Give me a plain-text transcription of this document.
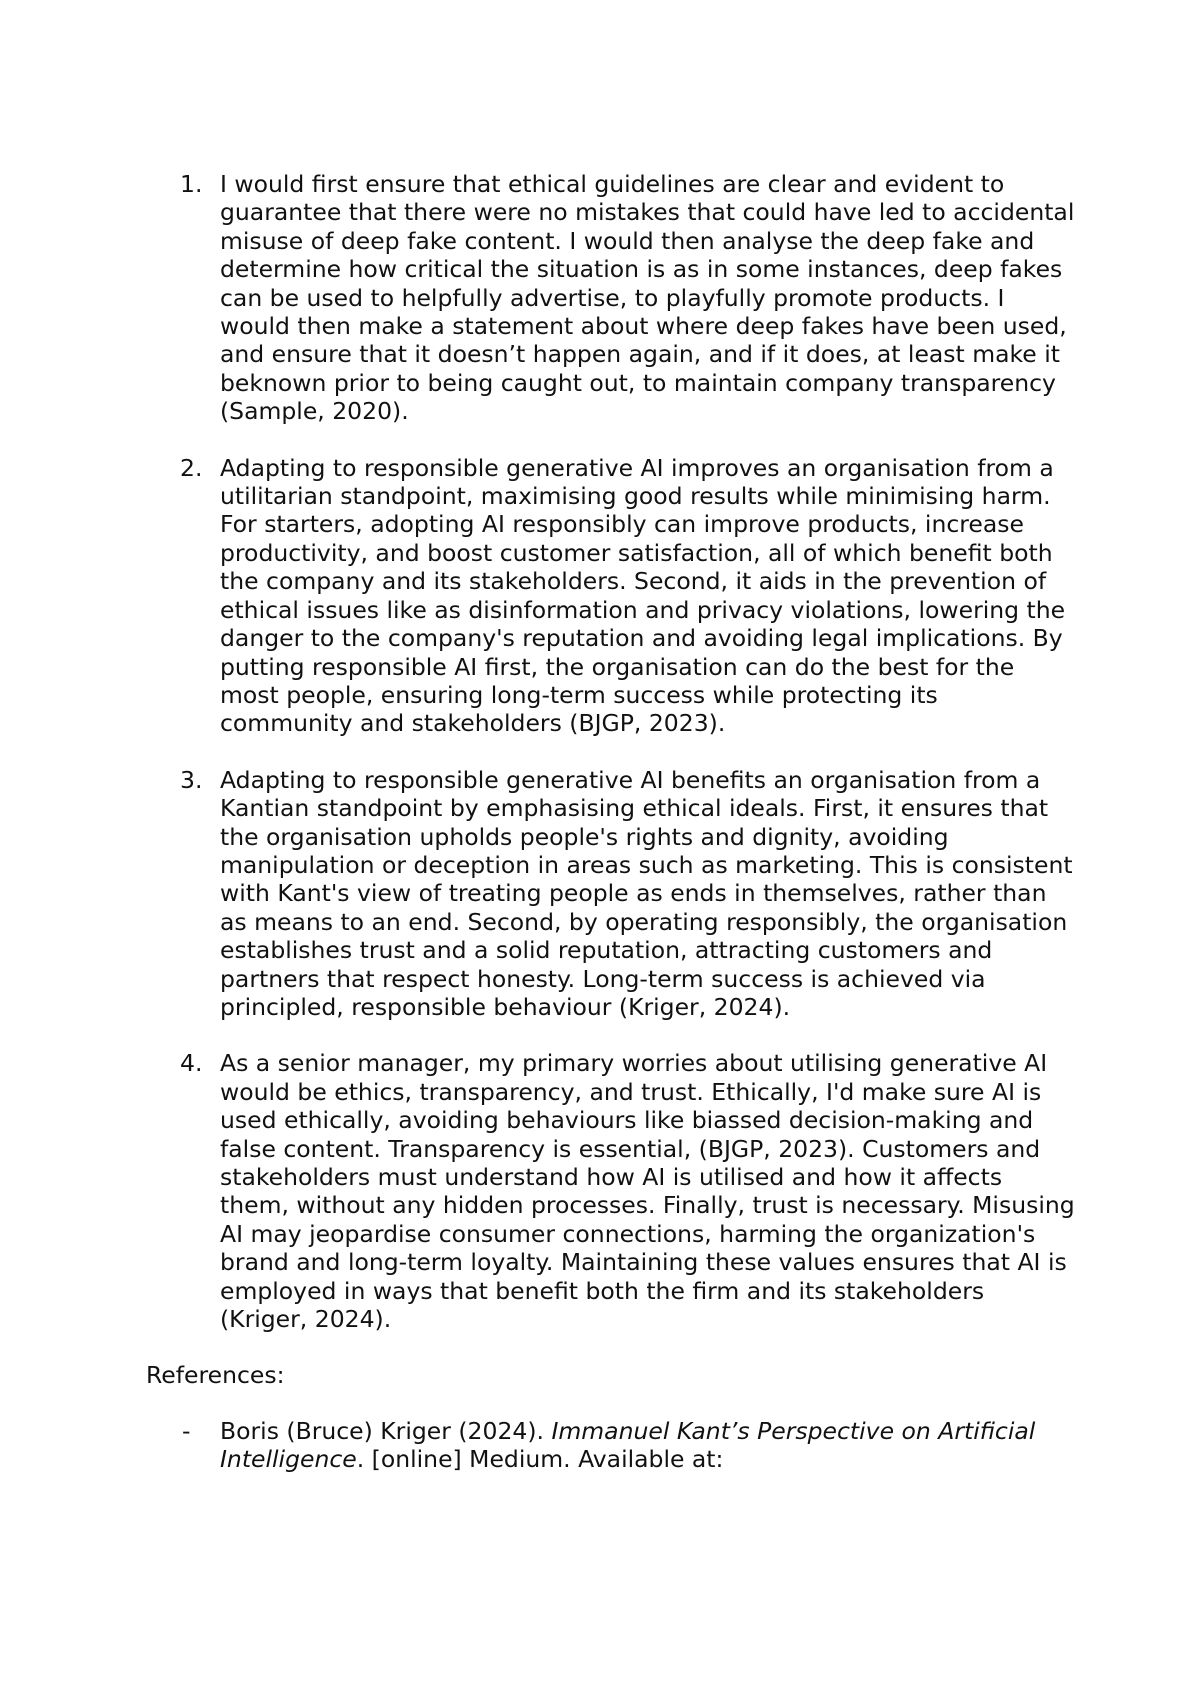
1. I would first ensure that ethical guidelines are clear and evident to guarantee that there were no mistakes that could have led to accidental misuse of deep fake content. I would then analyse the deep fake and determine how critical the situation is as in some instances, deep fakes can be used to helpfully advertise, to playfully promote products. I would then make a statement about where deep fakes have been used, and ensure that it doesn’t happen again, and if it does, at least make it beknown prior to being caught out, to maintain company transparency (Sample, 2020).
2. Adapting to responsible generative AI improves an organisation from a utilitarian standpoint, maximising good results while minimising harm. For starters, adopting AI responsibly can improve products, increase productivity, and boost customer satisfaction, all of which benefit both the company and its stakeholders. Second, it aids in the prevention of ethical issues like as disinformation and privacy violations, lowering the danger to the company's reputation and avoiding legal implications. By putting responsible AI first, the organisation can do the best for the most people, ensuring long-term success while protecting its community and stakeholders (BJGP, 2023).
3. Adapting to responsible generative AI benefits an organisation from a Kantian standpoint by emphasising ethical ideals. First, it ensures that the organisation upholds people's rights and dignity, avoiding manipulation or deception in areas such as marketing. This is consistent with Kant's view of treating people as ends in themselves, rather than as means to an end. Second, by operating responsibly, the organisation establishes trust and a solid reputation, attracting customers and partners that respect honesty. Long-term success is achieved via principled, responsible behaviour (Kriger, 2024).
4. As a senior manager, my primary worries about utilising generative AI would be ethics, transparency, and trust. Ethically, I'd make sure AI is used ethically, avoiding behaviours like biassed decision-making and false content. Transparency is essential, (BJGP, 2023). Customers and stakeholders must understand how AI is utilised and how it affects them, without any hidden processes. Finally, trust is necessary. Misusing AI may jeopardise consumer connections, harming the organization's brand and long-term loyalty. Maintaining these values ensures that AI is employed in ways that benefit both the firm and its stakeholders (Kriger, 2024).
References:
- Boris (Bruce) Kriger (2024). Immanuel Kant’s Perspective on Artificial Intelligence. [online] Medium. Available at:
